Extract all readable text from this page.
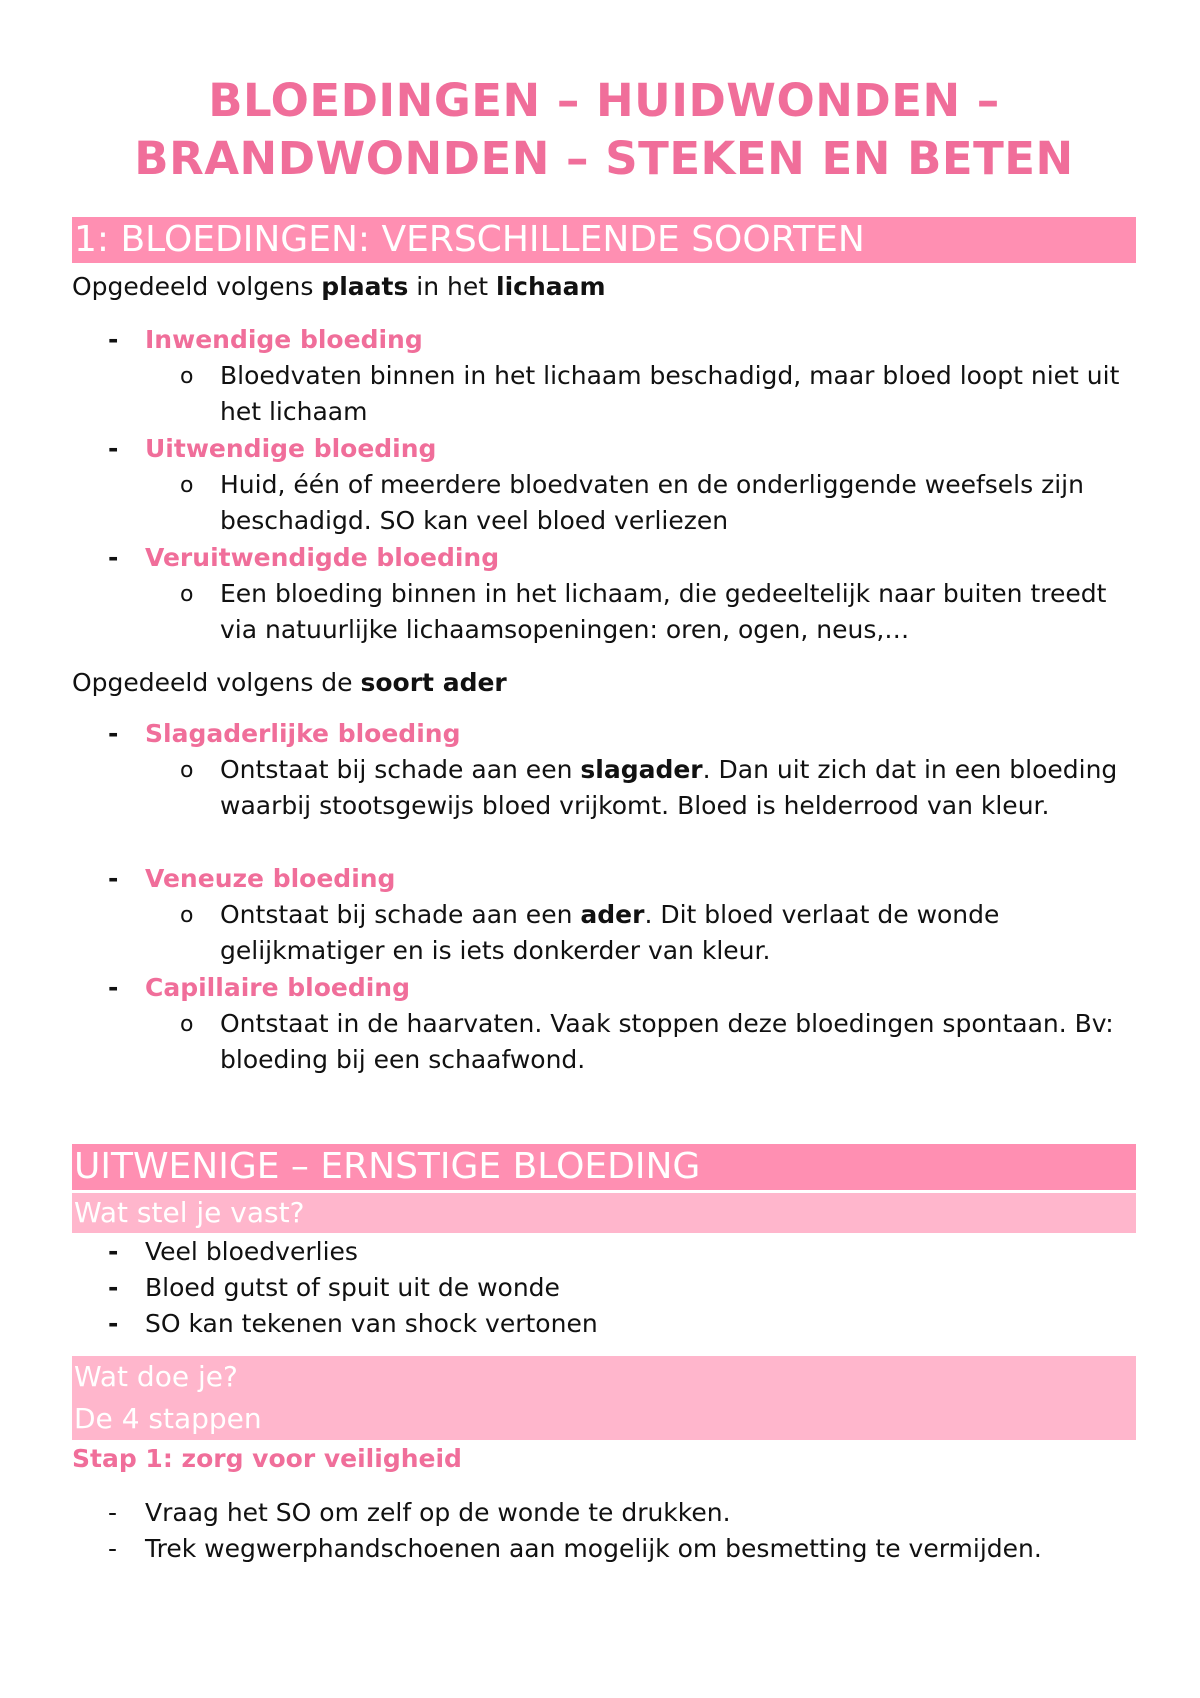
BLOEDINGEN – HUIDWONDEN –
BRANDWONDEN – STEKEN EN BETEN
1: BLOEDINGEN: VERSCHILLENDE SOORTEN
Opgedeeld volgens plaats in het lichaam
- Inwendige bloeding
o Bloedvaten binnen in het lichaam beschadigd, maar bloed loopt niet uit het lichaam
- Uitwendige bloeding
o Huid, één of meerdere bloedvaten en de onderliggende weefsels zijn beschadigd. SO kan veel bloed verliezen
- Veruitwendigde bloeding
o Een bloeding binnen in het lichaam, die gedeeltelijk naar buiten treedt via natuurlijke lichaamsopeningen: oren, ogen, neus,…
Opgedeeld volgens de soort ader
- Slagaderlijke bloeding
o Ontstaat bij schade aan een slagader. Dan uit zich dat in een bloeding waarbij stootsgewijs bloed vrijkomt. Bloed is helderrood van kleur.
- Veneuze bloeding
o Ontstaat bij schade aan een ader. Dit bloed verlaat de wonde gelijkmatiger en is iets donkerder van kleur.
- Capillaire bloeding
o Ontstaat in de haarvaten. Vaak stoppen deze bloedingen spontaan. Bv: bloeding bij een schaafwond.
UITWENIGE – ERNSTIGE BLOEDING
Wat stel je vast?
- Veel bloedverlies
- Bloed gutst of spuit uit de wonde
- SO kan tekenen van shock vertonen
Wat doe je?
De 4 stappen
Stap 1: zorg voor veiligheid
- Vraag het SO om zelf op de wonde te drukken.
- Trek wegwerphandschoenen aan mogelijk om besmetting te vermijden.
